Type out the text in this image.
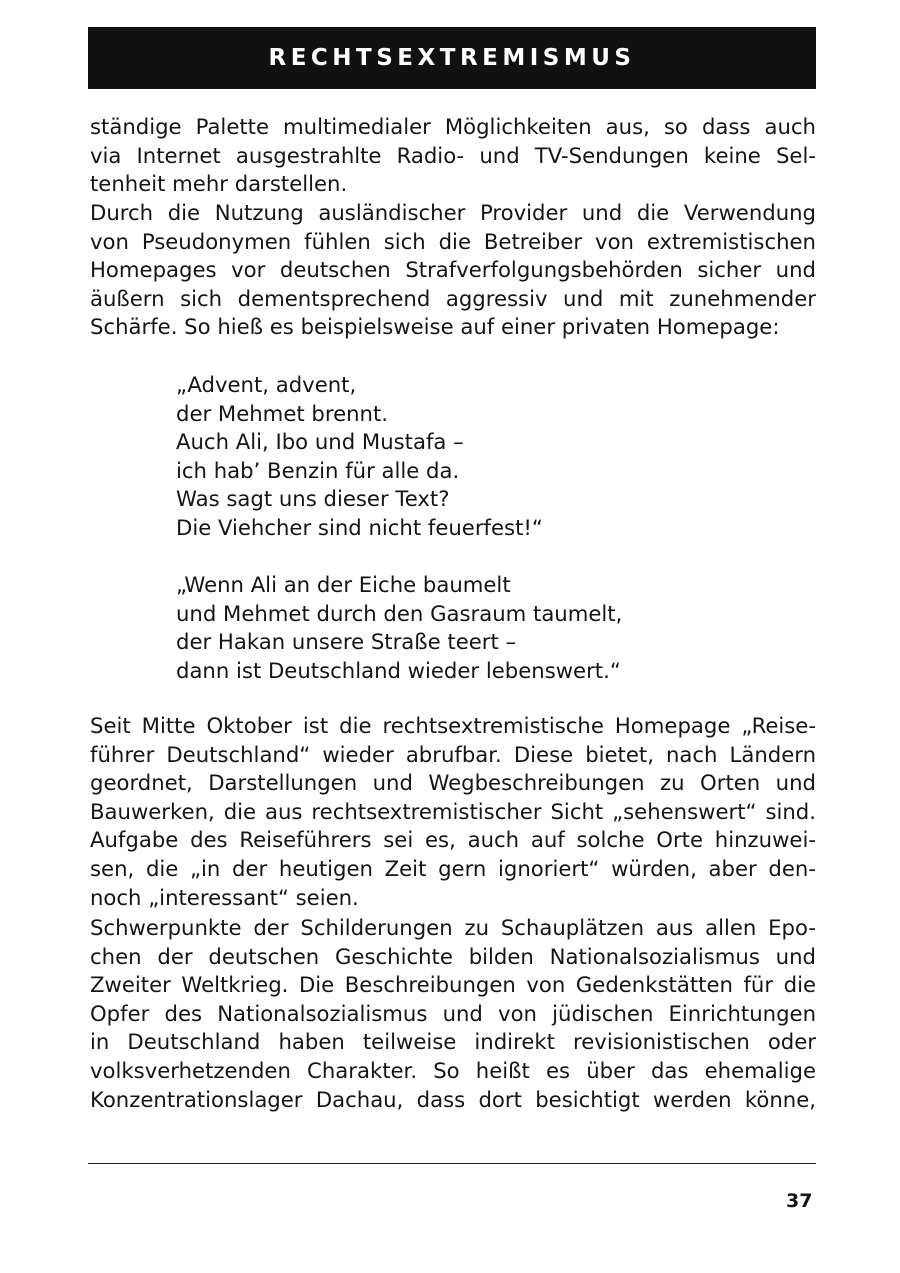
RECHTSEXTREMISMUS
ständige Palette multimedialer Möglichkeiten aus, so dass auch
via Internet ausgestrahlte Radio- und TV-Sendungen keine Sel-
tenheit mehr darstellen.
Durch die Nutzung ausländischer Provider und die Verwendung
von Pseudonymen fühlen sich die Betreiber von extremistischen
Homepages vor deutschen Strafverfolgungsbehörden sicher und
äußern sich dementsprechend aggressiv und mit zunehmender
Schärfe. So hieß es beispielsweise auf einer privaten Homepage:
„Advent, advent,
der Mehmet brennt.
Auch Ali, Ibo und Mustafa –
ich hab’ Benzin für alle da.
Was sagt uns dieser Text?
Die Viehcher sind nicht feuerfest!“
„Wenn Ali an der Eiche baumelt
und Mehmet durch den Gasraum taumelt,
der Hakan unsere Straße teert –
dann ist Deutschland wieder lebenswert.“
Seit Mitte Oktober ist die rechtsextremistische Homepage „Reise-
führer Deutschland“ wieder abrufbar. Diese bietet, nach Ländern
geordnet, Darstellungen und Wegbeschreibungen zu Orten und
Bauwerken, die aus rechtsextremistischer Sicht „sehenswert“ sind.
Aufgabe des Reiseführers sei es, auch auf solche Orte hinzuwei-
sen, die „in der heutigen Zeit gern ignoriert“ würden, aber den-
noch „interessant“ seien.
Schwerpunkte der Schilderungen zu Schauplätzen aus allen Epo-
chen der deutschen Geschichte bilden Nationalsozialismus und
Zweiter Weltkrieg. Die Beschreibungen von Gedenkstätten für die
Opfer des Nationalsozialismus und von jüdischen Einrichtungen
in Deutschland haben teilweise indirekt revisionistischen oder
volksverhetzenden Charakter. So heißt es über das ehemalige
Konzentrationslager Dachau, dass dort besichtigt werden könne,
37
